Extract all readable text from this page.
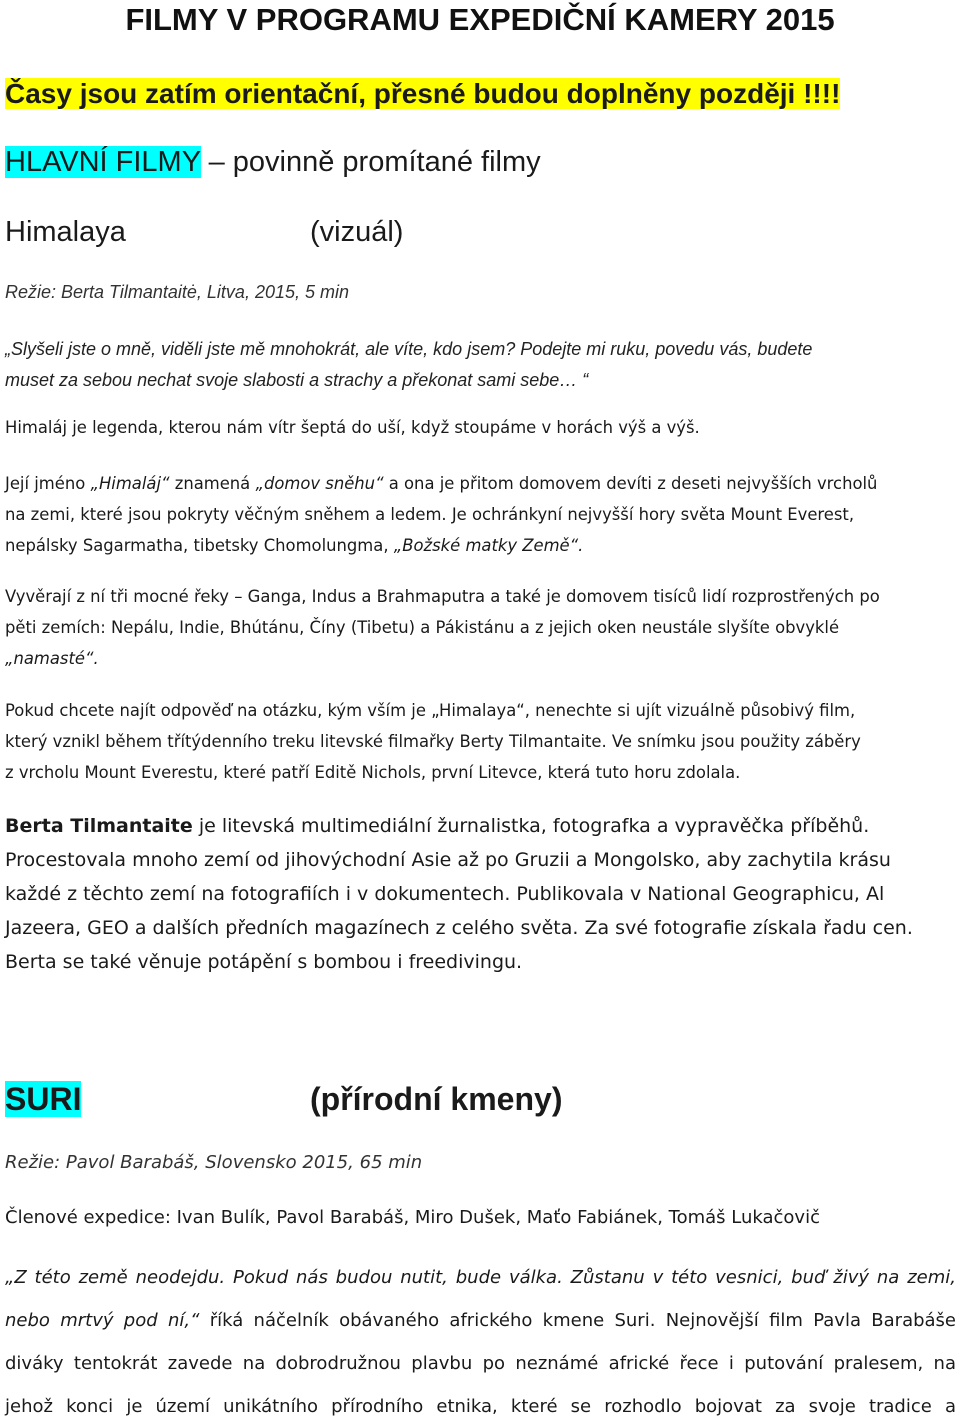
FILMY V PROGRAMU EXPEDIČNÍ KAMERY 2015
Časy jsou zatím orientační, přesné budou doplněny později !!!!
HLAVNÍ FILMY – povinně promítané filmy
Himalaya	(vizuál)
Režie: Berta Tilmantaitė, Litva, 2015, 5 min
„Slyšeli jste o mně, viděli jste mě mnohokrát, ale víte, kdo jsem? Podejte mi ruku, povedu vás, budete
muset za sebou nechat svoje slabosti a strachy a překonat sami sebe… “
Himaláj je legenda, kterou nám vítr šeptá do uší, když stoupáme v horách výš a výš.
Její jméno „Himaláj“ znamená „domov sněhu“ a ona je přitom domovem devíti z deseti nejvyšších vrcholů
na zemi, které jsou pokryty věčným sněhem a ledem. Je ochránkyní nejvyšší hory světa Mount Everest,
nepálsky Sagarmatha, tibetsky Chomolungma, „Božské matky Země“.
Vyvěrají z ní tři mocné řeky – Ganga, Indus a Brahmaputra a také je domovem tisíců lidí rozprostřených po
pěti zemích: Nepálu, Indie, Bhútánu, Číny (Tibetu) a Pákistánu a z jejich oken neustále slyšíte obvyklé
„namasté“.
Pokud chcete najít odpověď na otázku, kým vším je „Himalaya“, nenechte si ujít vizuálně působivý film,
který vznikl během třítýdenního treku litevské filmařky Berty Tilmantaite. Ve snímku jsou použity záběry
z vrcholu Mount Everestu, které patří Editě Nichols, první Litevce, která tuto horu zdolala.
Berta Tilmantaite je litevská multimediální žurnalistka, fotografka a vypravěčka příběhů.
Procestovala mnoho zemí od jihovýchodní Asie až po Gruzii a Mongolsko, aby zachytila krásu
každé z těchto zemí na fotografiích i v dokumentech. Publikovala v National Geographicu, Al
Jazeera, GEO a dalších předních magazínech z celého světa. Za své fotografie získala řadu cen.
Berta se také věnuje potápění s bombou i freedivingu.
SURI	(přírodní kmeny)
Režie: Pavol Barabáš, Slovensko 2015, 65 min
Členové expedice: Ivan Bulík, Pavol Barabáš, Miro Dušek, Maťo Fabiánek, Tomáš Lukačovič
„Z této země neodejdu. Pokud nás budou nutit, bude válka. Zůstanu v této vesnici, buď živý na zemi,
nebo mrtvý pod ní,“ říká náčelník obávaného afrického kmene Suri. Nejnovější film Pavla Barabáše
diváky tentokrát zavede na dobrodružnou plavbu po neznámé africké řece i putování pralesem, na
jehož konci je území unikátního přírodního etnika, které se rozhodlo bojovat za svoje tradice a
